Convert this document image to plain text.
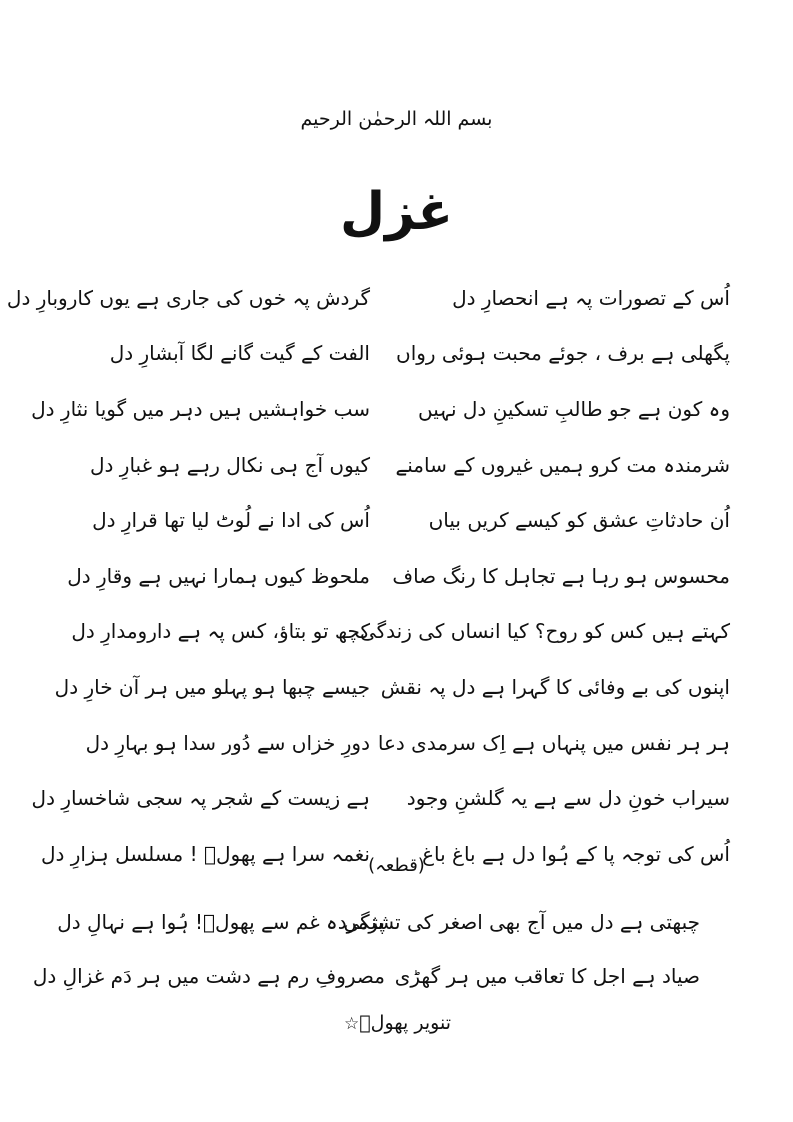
بسم اللہ الرحمٰن الرحیم
غزل
اُس کے تصورات پہ ہے انحصارِ دل
گردش پہ خوں کی جاری ہے یوں کاروبارِ دل
پگھلی ہے برف ، جوئے محبت ہوئی رواں
الفت کے گیت گانے لگا آبشارِ دل
وہ کون ہے جو طالبِ تسکینِ دل نہیں
سب خواہشیں ہیں دہر میں گویا نثارِ دل
شرمندہ مت کرو ہمیں غیروں کے سامنے
کیوں آج ہی نکال رہے ہو غبارِ دل
اُن حادثاتِ عشق کو کیسے کریں بیاں
اُس کی ادا نے لُوٹ لیا تھا قرارِ دل
محسوس ہو رہا ہے تجاہل کا رنگ صاف
ملحوظ کیوں ہمارا نہیں ہے وقارِ دل
کہتے ہیں کس کو روح؟ کیا انساں کی زندگی
کچھ تو بتاؤ، کس پہ ہے دارومدارِ دل
اپنوں کی بے وفائی کا گہرا ہے دل پہ نقش
جیسے چبھا ہو پہلو میں ہر آن خارِ دل
ہر ہر نفس میں پنہاں ہے اِک سرمدی دعا
دورِ خزاں سے دُور سدا ہو بہارِ دل
سیراب خونِ دل سے ہے یہ گلشنِ وجود
ہے زیست کے شجر پہ سجی شاخسارِ دل
اُس کی توجہ پا کے ہُوا دل ہے باغ باغ
نغمہ سرا ہے پھولؔ ! مسلسل ہزارِ دل
(قطعہ)
چبھتی ہے دل میں آج بھی اصغر کی تشنگی
پژمردہ غم سے پھولؔ! ہُوا ہے نہالِ دل
صیاد ہے اجل کا تعاقب میں ہر گھڑی
مصروفِ رم ہے دشت میں ہر دَم غزالِ دل
تنویر پھولؔ☆
